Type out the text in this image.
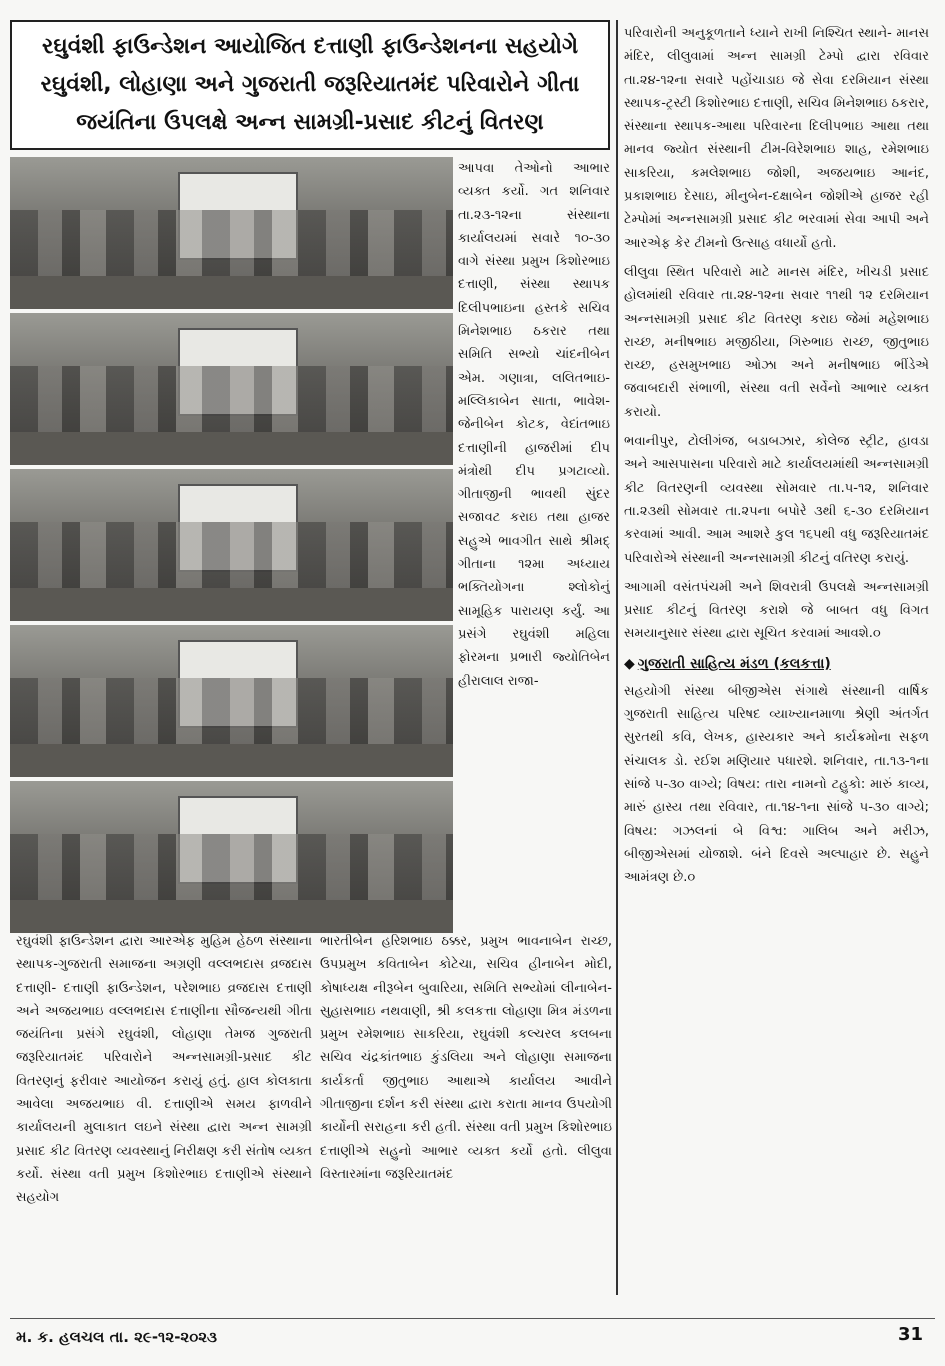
રઘુવંશી ફાઉન્ડેશન આયોજિત દત્તાણી ફાઉન્ડેશનના સહયોગે
રઘુવંશી, લોહાણા અને ગુજરાતી જરૂરિયાતમંદ પરિવારોને ગીતા
જયંતિના ઉપલક્ષે અન્ન સામગ્રી-પ્રસાદ કીટનું વિતરણ

આપવા તેઓનો આભાર વ્યક્ત કર્યો. ગત શનિવાર તા.૨૩-૧૨ના સંસ્થાના કાર્યાલયમાં સવારે ૧૦-૩૦ વાગે સંસ્થા પ્રમુખ કિશોરભાઇ દત્તાણી, સંસ્થા સ્થાપક દિલીપભાઇના હસ્તકે સચિવ મિનેશભાઇ ઠકરાર તથા સમિતિ સભ્યો ચાંદનીબેન એમ. ગણાત્રા, લલિતભાઇ-મલ્લિકાબેન સાતા, ભાવેશ-જેનીબેન કોટક, વેદાંતભાઇ દત્તાણીની હાજરીમાં દીપ મંત્રોથી દીપ પ્રગટાવ્યો. ગીતાજીની ભાવથી સુંદર સજાવટ કરાઇ તથા હાજર સહુએ ભાવગીત સાથે શ્રીમદ્ ગીતાના ૧૨મા અધ્યાય ભક્તિયોગના શ્લોકોનું સામૂહિક પારાયણ કર્યું. આ પ્રસંગે રઘુવંશી મહિલા ફોરમના પ્રભારી જ્યોતિબેન હીરાલાલ રાજા-

રઘુવંશી ફાઉન્ડેશન દ્વારા આરએફ મુહિમ હેઠળ સંસ્થાના સ્થાપક-ગુજરાતી સમાજના અગ્રણી વલ્લભદાસ વ્રજદાસ દત્તાણી- દત્તાણી ફાઉન્ડેશન, પરેશભાઇ વ્રજદાસ દત્તાણી અને અજયભાઇ વલ્લભદાસ દત્તાણીના સૌજન્યથી ગીતા જયંતિના પ્રસંગે રઘુવંશી, લોહાણા તેમજ ગુજરાતી જરૂરિયાતમંદ પરિવારોને અન્નસામગ્રી-પ્રસાદ કીટ વિતરણનું ફરીવાર આયોજન કરાયું હતું. હાલ કોલકાતા આવેલા અજયભાઇ વી. દત્તાણીએ સમય ફાળવીને કાર્યાલયની મુલાકાત લઇને સંસ્થા દ્વારા અન્ન સામગ્રી પ્રસાદ કીટ વિતરણ વ્યવસ્થાનું નિરીક્ષણ કરી સંતોષ વ્યક્ત કર્યો. સંસ્થા વતી પ્રમુખ કિશોરભાઇ દત્તાણીએ સંસ્થાને સહયોગ

ભારતીબેન હરિશભાઇ ઠક્કર, પ્રમુખ ભાવનાબેન રાચ્છ, ઉપપ્રમુખ કવિતાબેન કોટેચા, સચિવ હીનાબેન મોદી, કોષાધ્યક્ષ નીરૂબેન બુવારિયા, સમિતિ સભ્યોમાં લીનાબેન-સુહાસભાઇ નથવાણી, શ્રી કલકત્તા લોહાણા મિત્ર મંડળના પ્રમુખ રમેશભાઇ સાકરિયા, રઘુવંશી કલ્ચરલ કલબના સચિવ ચંદ્રકાંતભાઇ કુંડલિયા અને લોહાણા સમાજના કાર્યકર્તા જીતુભાઇ આથાએ કાર્યાલય આવીને ગીતાજીના દર્શન કરી સંસ્થા દ્વારા કરાતા માનવ ઉપયોગી કાર્યોની સરાહના કરી હતી. સંસ્થા વતી પ્રમુખ કિશોરભાઇ દત્તાણીએ સહુનો આભાર વ્યક્ત કર્યો હતો. લીલુવા વિસ્તારમાંના જરૂરિયાતમંદ

પરિવારોની અનુકૂળતાને ધ્યાને રાખી નિશ્ચિત સ્થાને- માનસ મંદિર, લીલુવામાં અન્ન સામગ્રી ટેમ્પો દ્વારા રવિવાર તા.૨૪-૧૨ના સવારે પહોંચાડાઇ જે સેવા દરમિયાન સંસ્થા સ્થાપક-ટ્રસ્ટી કિશોરભાઇ દત્તાણી, સચિવ મિનેશભાઇ ઠકરાર, સંસ્થાના સ્થાપક-આથા પરિવારના દિલીપભાઇ આથા તથા માનવ જ્યોત સંસ્થાની ટીમ-વિરેશભાઇ શાહ, રમેશભાઇ સાકરિયા, કમલેશભાઇ જોશી, અજયભાઇ આનંદ, પ્રકાશભાઇ દેસાઇ, મીનુબેન-દક્ષાબેન જોશીએ હાજર રહી ટેમ્પોમાં અન્નસામગ્રી પ્રસાદ કીટ ભરવામાં સેવા આપી અને આરએફ કેર ટીમનો ઉત્સાહ વધાર્યો હતો.

લીલુવા સ્થિત પરિવારો માટે માનસ મંદિર, ખીચડી પ્રસાદ હોલમાંથી રવિવાર તા.૨૪-૧૨ના સવાર ૧૧થી ૧૨ દરમિયાન અન્નસામગ્રી પ્રસાદ કીટ વિતરણ કરાઇ જેમાં મહેશભાઇ રાચ્છ, મનીષભાઇ મજીઠીયા, ગિરુભાઇ રાચ્છ, જીતુભાઇ રાચ્છ, હસમુખભાઇ ઓઝા અને મનીષભાઇ ભીંડેએ જવાબદારી સંભાળી, સંસ્થા વતી સર્વેનો આભાર વ્યક્ત કરાયો.

ભવાનીપુર, ટોલીગંજ, બડાબઝાર, કોલેજ સ્ટ્રીટ, હાવડા અને આસપાસના પરિવારો માટે કાર્યાલયમાંથી અન્નસામગ્રી કીટ વિતરણની વ્યવસ્થા સોમવાર તા.૫-૧૨, શનિવાર તા.૨૩થી સોમવાર તા.૨૫ના બપોરે ૩થી ૬-૩૦ દરમિયાન કરવામાં આવી. આમ આશરે કુલ ૧૬૫થી વધુ જરૂરિયાતમંદ પરિવારોએ સંસ્થાની અન્નસામગ્રી કીટનું વતિરણ કરાયું.

આગામી વસંતપંચમી અને શિવરાત્રી ઉપલક્ષે અન્નસામગ્રી પ્રસાદ કીટનું વિતરણ કરાશે જે બાબત વધુ વિગત સમયાનુસાર સંસ્થા દ્વારા સૂચિત કરવામાં આવશે.૦

◆ ગુજરાતી સાહિત્ય મંડળ (કલકત્તા)

સહયોગી સંસ્થા બીજીએસ સંગાથે સંસ્થાની વાર્ષિક ગુજરાતી સાહિત્ય પરિષદ વ્યાખ્યાનમાળા શ્રેણી અંતર્ગત સુરતથી કવિ, લેખક, હાસ્યકાર અને કાર્યક્રમોના સફળ સંચાલક ડો. રઈશ મણિયાર પધારશે. શનિવાર, તા.૧૩-૧ના સાંજે ૫-૩૦ વાગ્યે; વિષય: તારા નામનો ટહુકો: મારું કાવ્ય, મારું હાસ્ય તથા રવિવાર, તા.૧૪-૧ના સાંજે ૫-૩૦ વાગ્યે; વિષય: ગઝલનાં બે વિશ્વ: ગાલિબ અને મરીઝ, બીજીએસમાં યોજાશે. બંને દિવસે અલ્પાહાર છે. સહુને આમંત્રણ છે.૦

મ. ક. હલચલ તા. ૨૯-૧૨-૨૦૨૩	31
